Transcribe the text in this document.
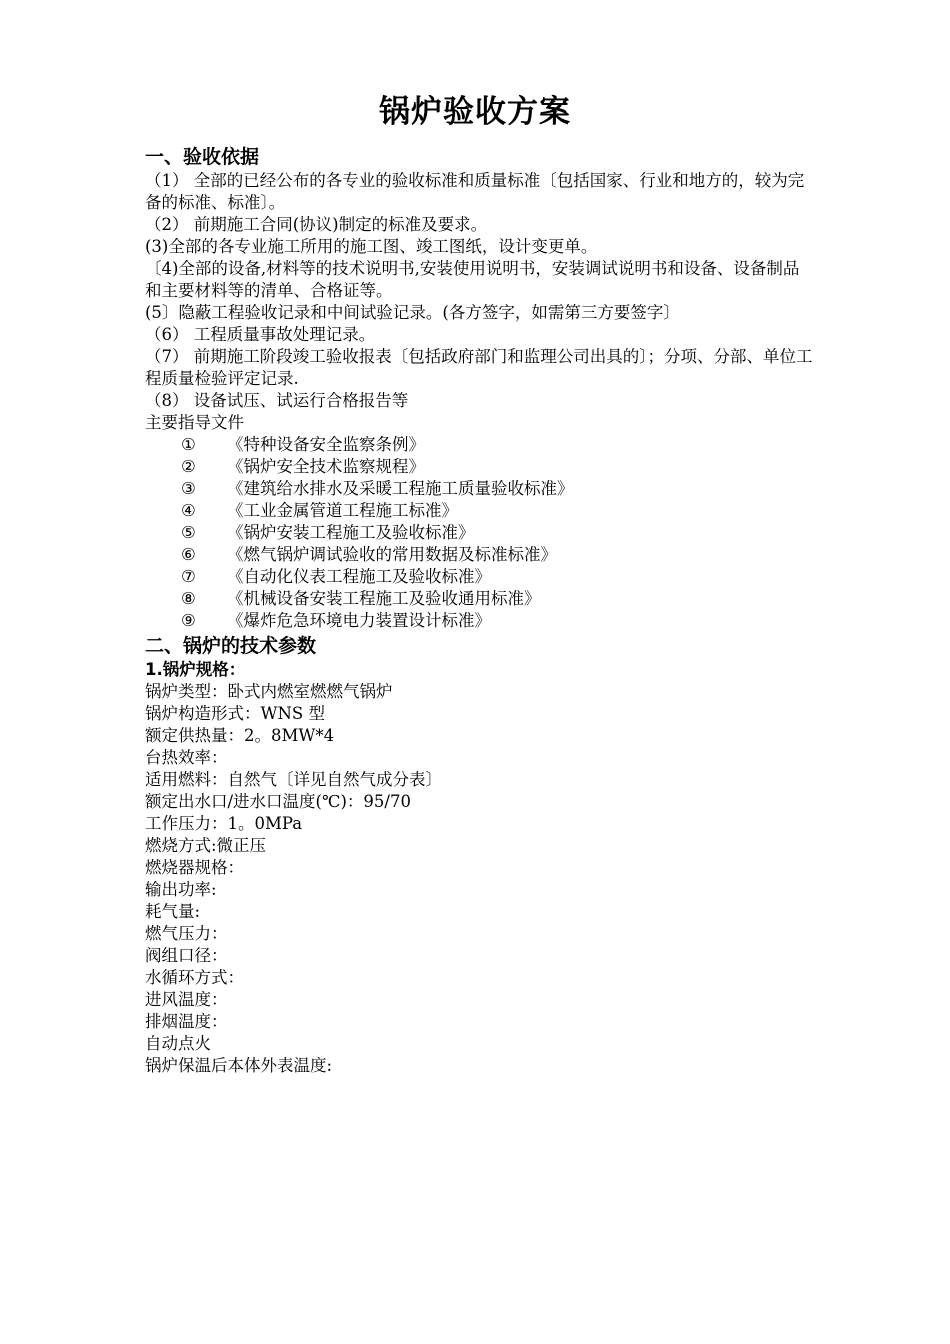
锅炉验收方案
一、验收依据

（1） 全部的已经公布的各专业的验收标准和质量标准〔包括国家、行业和地方的，较为完备的标准、标准〕。

（2） 前期施工合同(协议)制定的标准及要求。

(3)全部的各专业施工所用的施工图、竣工图纸，设计变更单。

〔4)全部的设备,材料等的技术说明书,安装使用说明书，安装调试说明书和设备、设备制品和主要材料等的清单、合格证等。

(5〕隐蔽工程验收记录和中间试验记录。(各方签字，如需第三方要签字〕

（6） 工程质量事故处理记录。

（7） 前期施工阶段竣工验收报表〔包括政府部门和监理公司出具的〕；分项、分部、单位工程质量检验评定记录.

（8） 设备试压、试运行合格报告等

主要指导文件
①	《特种设备安全监察条例》
②	《锅炉安全技术监察规程》
③	《建筑给水排水及采暖工程施工质量验收标准》
④	《工业金属管道工程施工标准》
⑤	《锅炉安装工程施工及验收标准》
⑥	《燃气锅炉调试验收的常用数据及标准标准》
⑦	《自动化仪表工程施工及验收标准》
⑧	《机械设备安装工程施工及验收通用标准》
⑨	《爆炸危急环境电力装置设计标准》
二、锅炉的技术参数
1.锅炉规格：
锅炉类型：卧式内燃室燃燃气锅炉
锅炉构造形式：WNS 型
额定供热量：2。8MW*4
台热效率：
适用燃料：自然气〔详见自然气成分表〕
额定出水口/进水口温度(℃)：95/70
工作压力：1。0MPa
燃烧方式:微正压
燃烧器规格：
输出功率:
耗气量:
燃气压力：
阀组口径：
水循环方式：
进风温度：
排烟温度：
自动点火
锅炉保温后本体外表温度:
